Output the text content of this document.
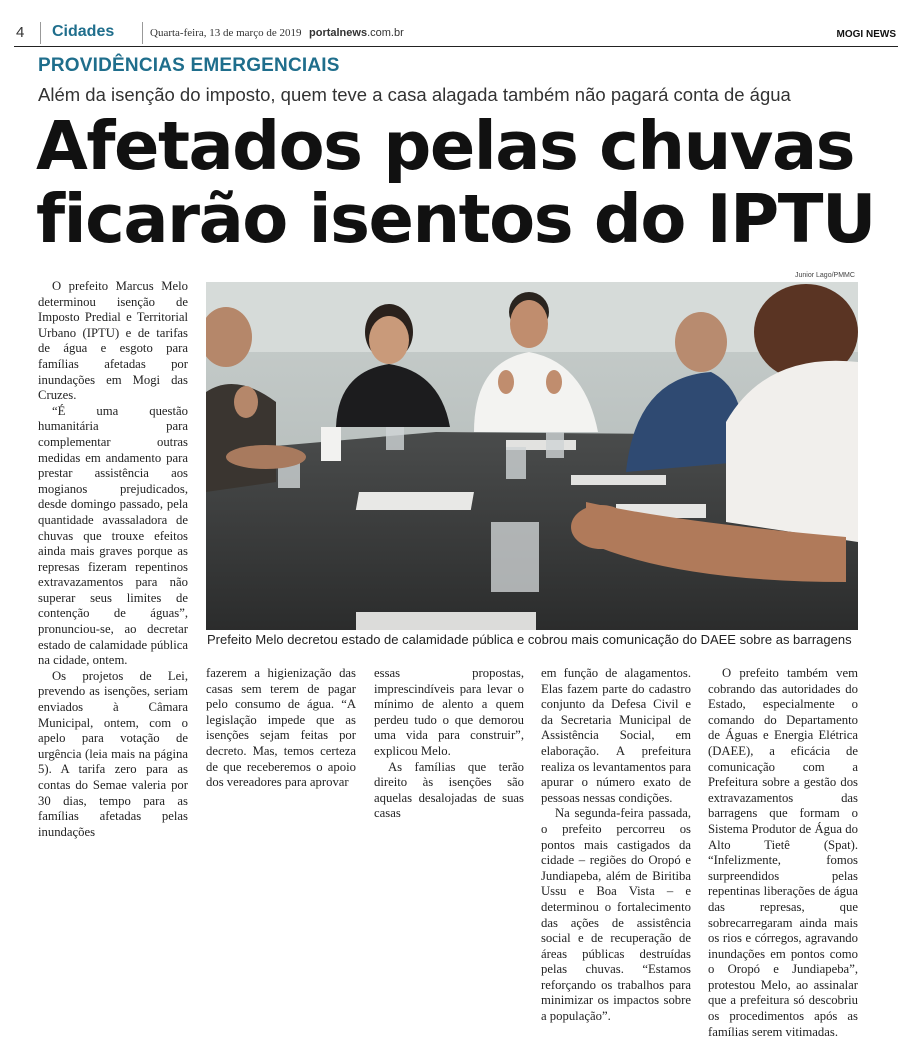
4 Cidades	Quarta-feira, 13 de março de 2019 portalnews.com.br	MOGI NEWS
PROVIDÊNCIAS EMERGENCIAIS
Além da isenção do imposto, quem teve a casa alagada também não pagará conta de água
Afetados pelas chuvas
ficarão isentos do IPTU

O prefeito Marcus Melo determinou isenção de Imposto Predial e Territorial Urbano (IPTU) e de tarifas de água e esgoto para famílias afetadas por inundações em Mogi das Cruzes.

“É uma questão humanitária para complementar outras medidas em andamento para prestar assistência aos mogianos prejudicados, desde domingo passado, pela quantidade avassaladora de chuvas que trouxe efeitos ainda mais graves porque as represas fizeram repentinos extravazamentos para não superar seus limites de contenção de águas”, pronunciou-se, ao decretar estado de calamidade pública na cidade, ontem.

Os projetos de Lei, prevendo as isenções, seriam enviados à Câmara Municipal, ontem, com o apelo para votação de urgência (leia mais na página 5). A tarifa zero para as contas do Semae valeria por 30 dias, tempo para as famílias afetadas pelas inundações

Junior Lago/PMMC
Prefeito Melo decretou estado de calamidade pública e cobrou mais comunicação do DAEE sobre as barragens

fazerem a higienização das casas sem terem de pagar pelo consumo de água. “A legislação impede que as isenções sejam feitas por decreto. Mas, temos certeza de que receberemos o apoio dos vereadores para aprovar

essas propostas, imprescindíveis para levar o mínimo de alento a quem perdeu tudo o que demorou uma vida para construir”, explicou Melo.

As famílias que terão direito às isenções são aquelas desalojadas de suas casas

em função de alagamentos. Elas fazem parte do cadastro conjunto da Defesa Civil e da Secretaria Municipal de Assistência Social, em elaboração. A prefeitura realiza os levantamentos para apurar o número exato de pessoas nessas condições.

Na segunda-feira passada, o prefeito percorreu os pontos mais castigados da cidade – regiões do Oropó e Jundiapeba, além de Biritiba Ussu e Boa Vista – e determinou o fortalecimento das ações de assistência social e de recuperação de áreas públicas destruídas pelas chuvas. “Estamos reforçando os trabalhos para minimizar os impactos sobre a população”.

O prefeito também vem cobrando das autoridades do Estado, especialmente o comando do Departamento de Águas e Energia Elétrica (DAEE), a eficácia de comunicação com a Prefeitura sobre a gestão dos extravazamentos das barragens que formam o Sistema Produtor de Água do Alto Tietê (Spat). “Infelizmente, fomos surpreendidos pelas repentinas liberações de água das represas, que sobrecarregaram ainda mais os rios e córregos, agravando inundações em pontos como o Oropó e Jundiapeba”, protestou Melo, ao assinalar que a prefeitura só descobriu os procedimentos após as famílias serem vitimadas.
